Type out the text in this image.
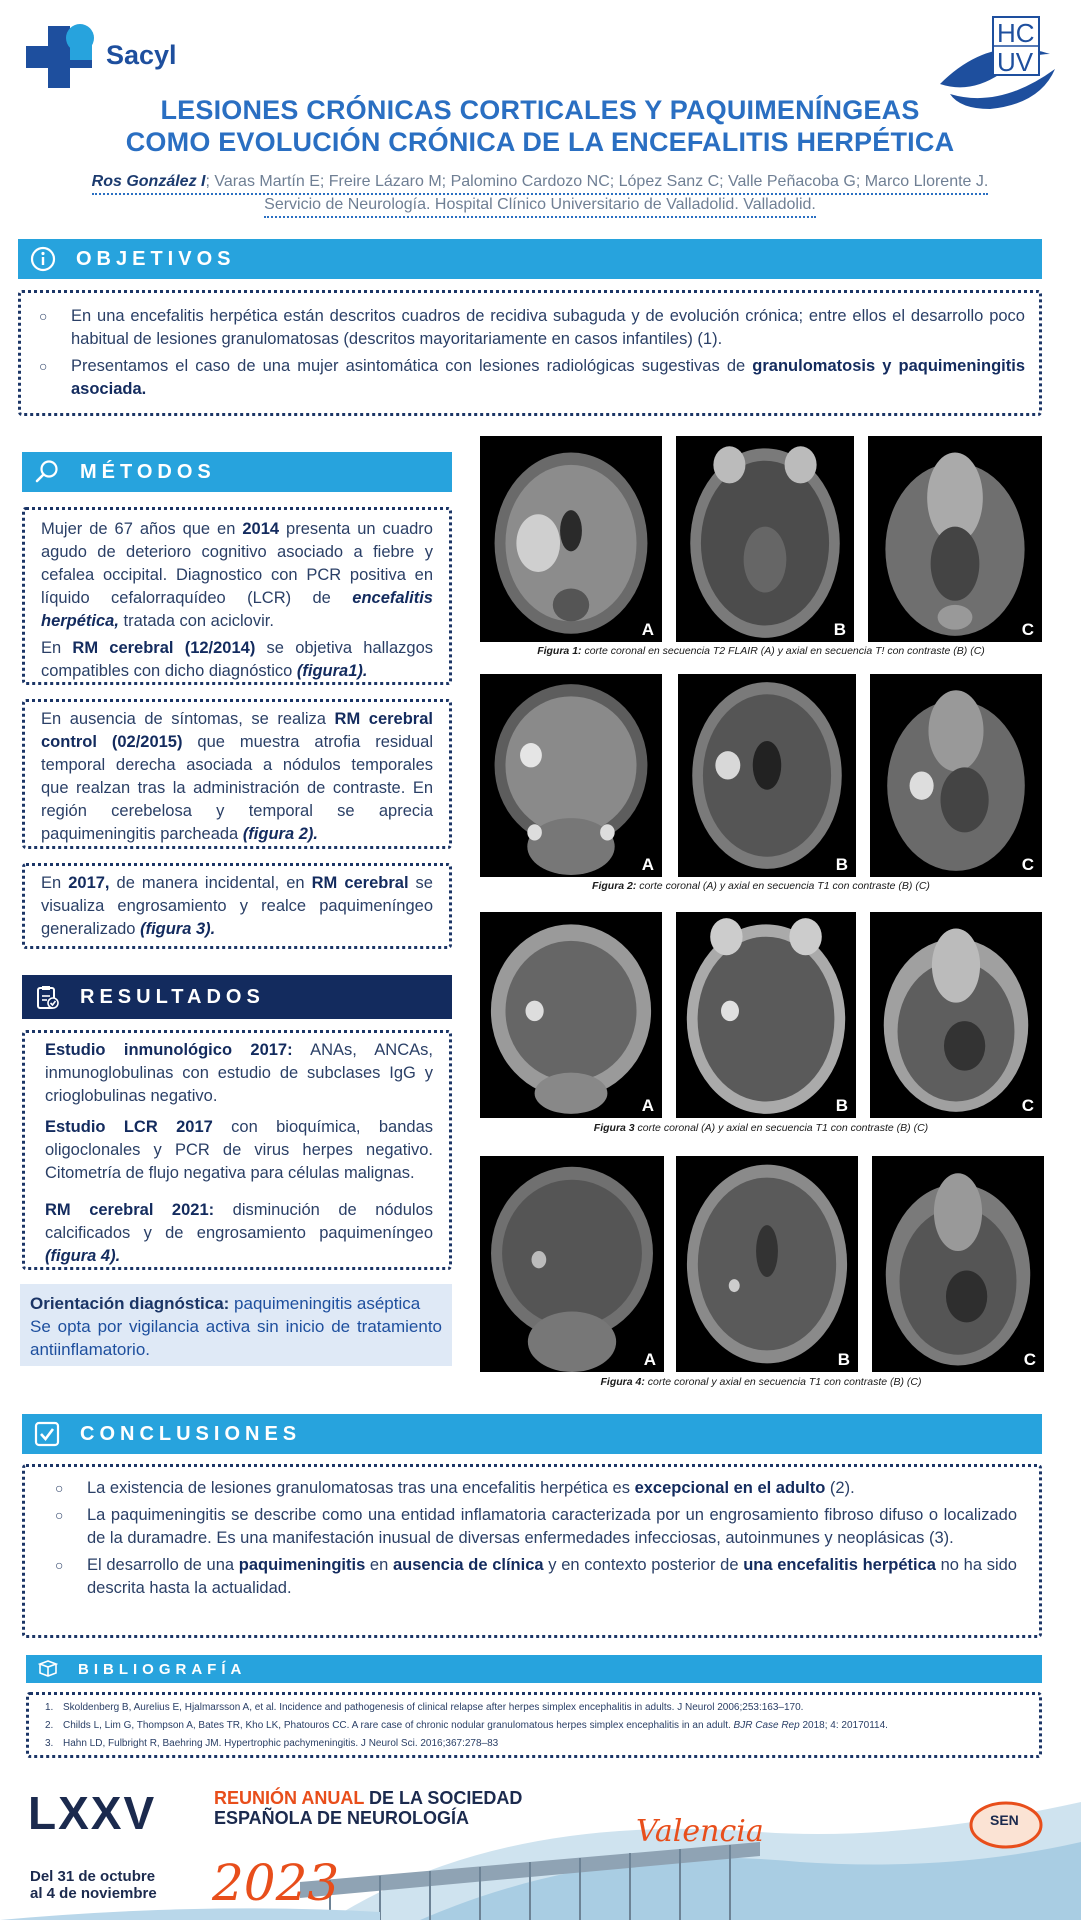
Sacyl
HC
UV
LESIONES CRÓNICAS CORTICALES Y PAQUIMENÍNGEAS
COMO EVOLUCIÓN CRÓNICA DE LA ENCEFALITIS HERPÉTICA
Ros González I; Varas Martín E; Freire Lázaro M; Palomino Cardozo NC; López Sanz C; Valle Peñacoba G; Marco Llorente J. Servicio de Neurología. Hospital Clínico Universitario de Valladolid. Valladolid.
OBJETIVOS
○ En una encefalitis herpética están descritos cuadros de recidiva subaguda y de evolución crónica; entre ellos el desarrollo poco habitual de lesiones granulomatosas (descritos mayoritariamente en casos infantiles) (1).
○ Presentamos el caso de una mujer asintomática con lesiones radiológicas sugestivas de granulomatosis y paquimeningitis asociada.
MÉTODOS
Mujer de 67 años que en 2014 presenta un cuadro agudo de deterioro cognitivo asociado a fiebre y cefalea occipital. Diagnostico con PCR positiva en líquido cefalorraquídeo (LCR) de encefalitis herpética, tratada con aciclovir.
En RM cerebral (12/2014) se objetiva hallazgos compatibles con dicho diagnóstico (figura1).
En ausencia de síntomas, se realiza RM cerebral control (02/2015) que muestra atrofia residual temporal derecha asociada a nódulos temporales que realzan tras la administración de contraste. En región cerebelosa y temporal se aprecia paquimeningitis parcheada (figura 2).
En 2017, de manera incidental, en RM cerebral se visualiza engrosamiento y realce paquimeníngeo generalizado (figura 3).
RESULTADOS
Estudio inmunológico 2017: ANAs, ANCAs, inmunoglobulinas con estudio de subclases IgG y crioglobulinas negativo.
Estudio LCR 2017 con bioquímica, bandas oligoclonales y PCR de virus herpes negativo. Citometría de flujo negativa para células malignas.
RM cerebral 2021: disminución de nódulos calcificados y de engrosamiento paquimeníngeo (figura 4).
Orientación diagnóstica: paquimeningitis aséptica
Se opta por vigilancia activa sin inicio de tratamiento antiinflamatorio.
A	B	C
Figura 1: corte coronal en secuencia T2 FLAIR (A) y axial en secuencia T! con contraste (B) (C)
A	B	C
Figura 2: corte coronal (A) y axial en secuencia T1 con contraste (B) (C)
A	B	C
Figura 3 corte coronal (A) y axial en secuencia T1 con contraste (B) (C)
A	B	C
Figura 4: corte coronal y axial en secuencia T1 con contraste (B) (C)
CONCLUSIONES
○ La existencia de lesiones granulomatosas tras una encefalitis herpética es excepcional en el adulto (2).
○ La paquimeningitis se describe como una entidad inflamatoria caracterizada por un engrosamiento fibroso difuso o localizado de la duramadre. Es una manifestación inusual de diversas enfermedades infecciosas, autoinmunes y neoplásicas (3).
○ El desarrollo de una paquimeningitis en ausencia de clínica y en contexto posterior de una encefalitis herpética no ha sido descrita hasta la actualidad.
BIBLIOGRAFÍA
1. Skoldenberg B, Aurelius E, Hjalmarsson A, et al. Incidence and pathogenesis of clinical relapse after herpes simplex encephalitis in adults. J Neurol 2006;253:163–170.
2. Childs L, Lim G, Thompson A, Bates TR, Kho LK, Phatouros CC. A rare case of chronic nodular granulomatous herpes simplex encephalitis in an adult. BJR Case Rep 2018; 4: 20170114.
3. Hahn LD, Fulbright R, Baehring JM. Hypertrophic pachymeningitis. J Neurol Sci. 2016;367:278–83
LXXV	REUNIÓN ANUAL DE LA SOCIEDAD
ESPAÑOLA DE NEUROLOGÍA
Del 31 de octubre
al 4 de noviembre 2023
Valencia	SEN
